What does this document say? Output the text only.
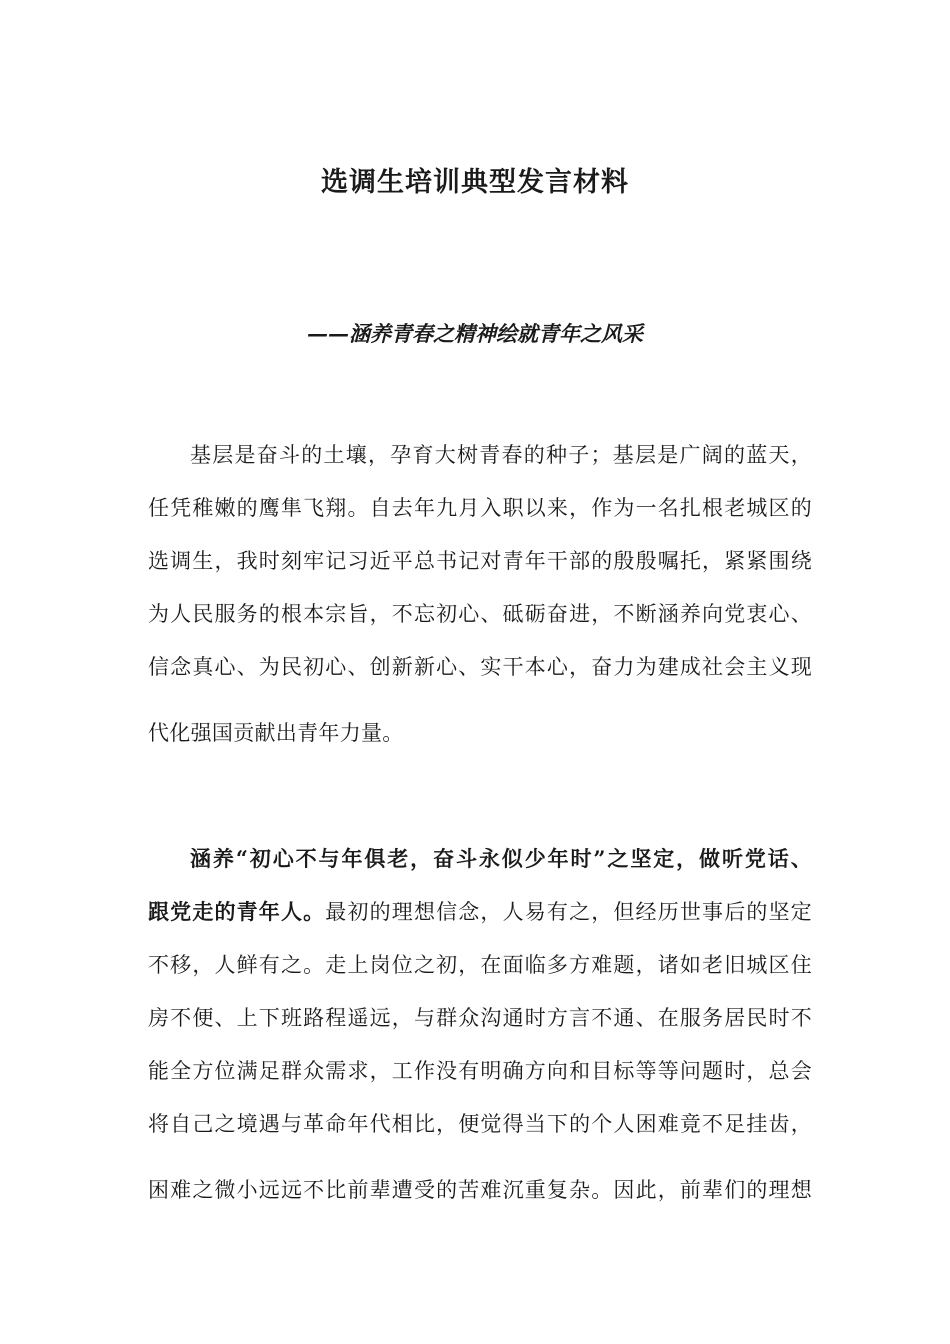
选调生培训典型发言材料
——涵养青春之精神绘就青年之风采
基层是奋斗的土壤，孕育大树青春的种子；基层是广阔的蓝天，
任凭稚嫩的鹰隼飞翔。自去年九月入职以来，作为一名扎根老城区的
选调生，我时刻牢记习近平总书记对青年干部的殷殷嘱托，紧紧围绕
为人民服务的根本宗旨，不忘初心、砥砺奋进，不断涵养向党衷心、
信念真心、为民初心、创新新心、实干本心，奋力为建成社会主义现
代化强国贡献出青年力量。
涵养“初心不与年俱老，奋斗永似少年时”之坚定，做听党话、
跟党走的青年人。最初的理想信念，人易有之，但经历世事后的坚定
不移，人鲜有之。走上岗位之初，在面临多方难题，诸如老旧城区住
房不便、上下班路程遥远，与群众沟通时方言不通、在服务居民时不
能全方位满足群众需求，工作没有明确方向和目标等等问题时，总会
将自己之境遇与革命年代相比，便觉得当下的个人困难竟不足挂齿，
困难之微小远远不比前辈遭受的苦难沉重复杂。因此，前辈们的理想
